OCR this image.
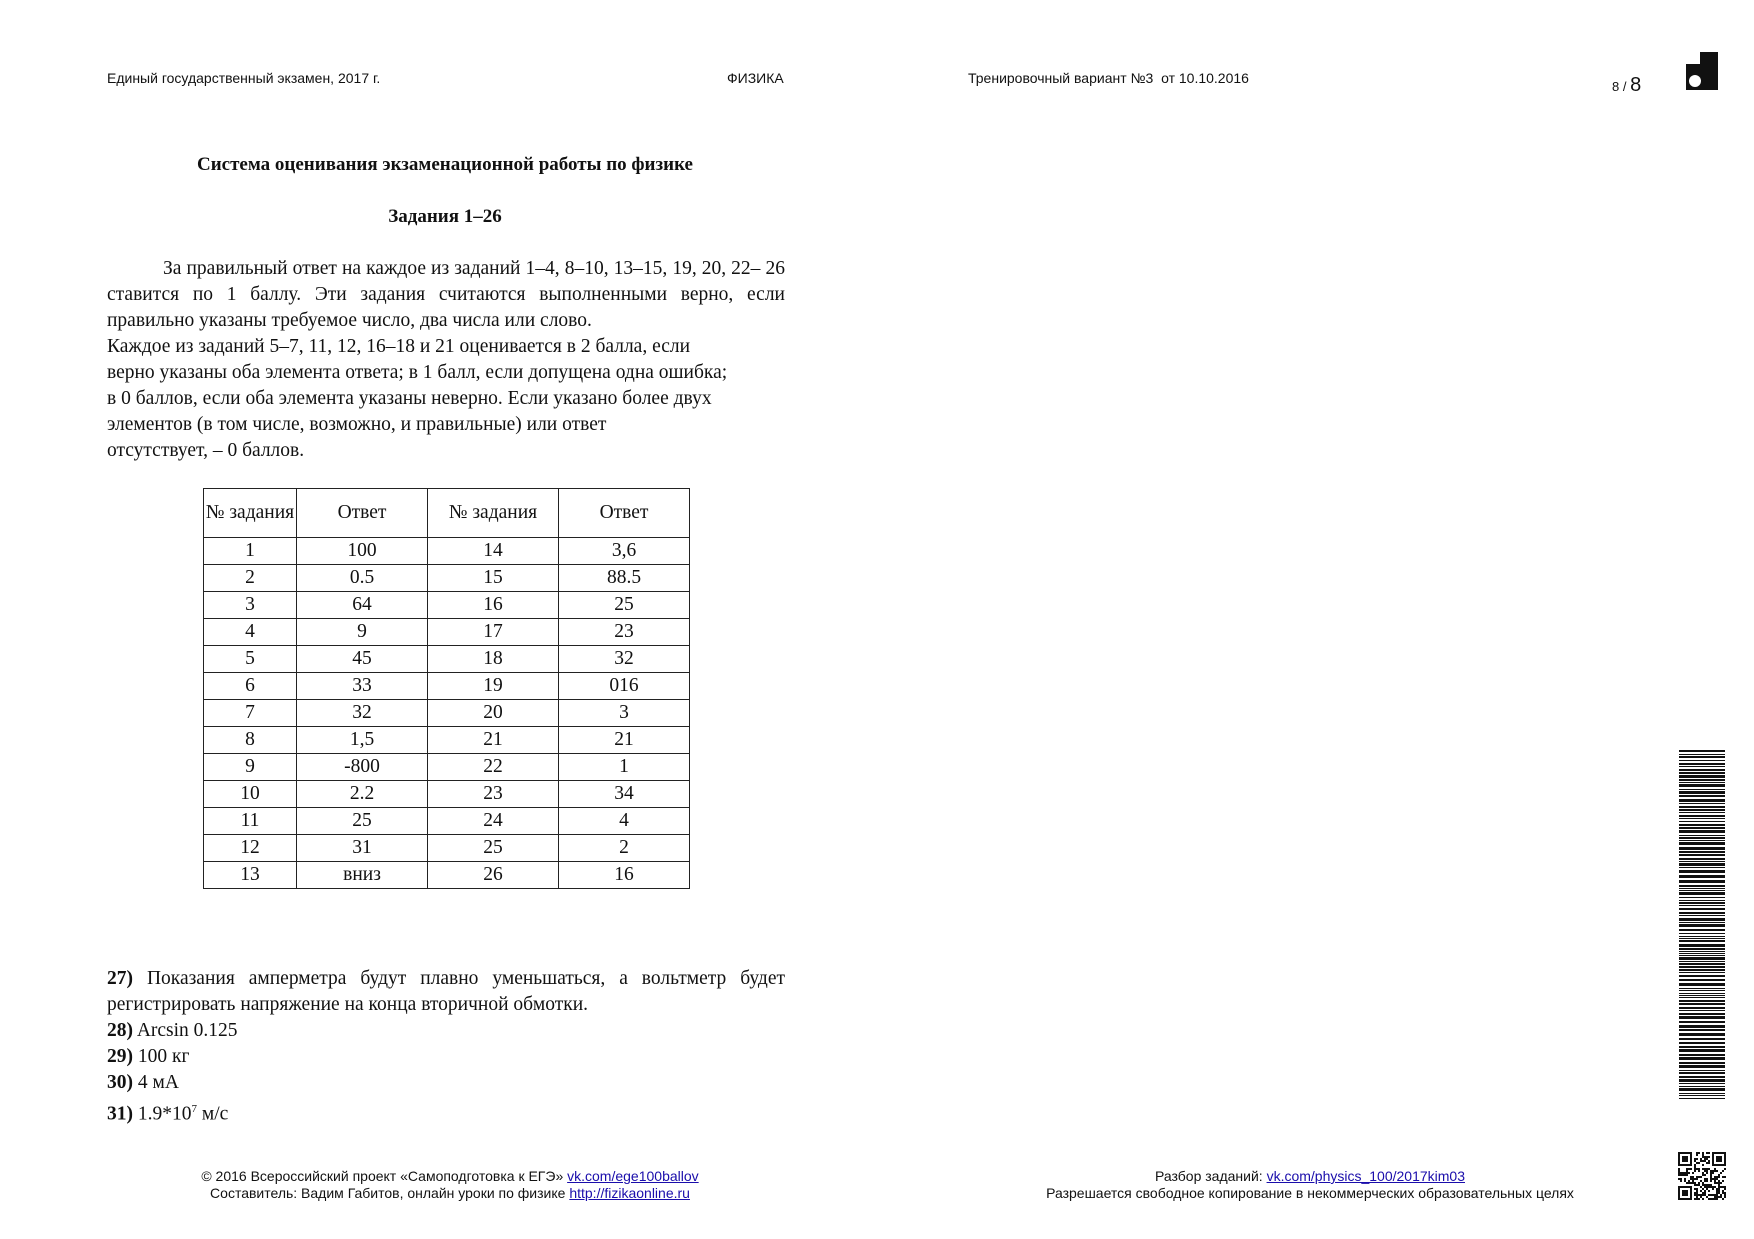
Единый государственный экзамен, 2017 г.	ФИЗИКА	Тренировочный вариант №3  от 10.10.2016
8 / 8
Система оценивания экзаменационной работы по физике
Задания 1–26

За правильный ответ на каждое из заданий 1–4, 8–10, 13–15, 19, 20, 22– 26 ставится по 1 баллу. Эти задания считаются выполненными верно, если правильно указаны требуемое число, два числа или слово.

Каждое из заданий 5–7, 11, 12, 16–18 и 21 оценивается в 2 балла, если

верно указаны оба элемента ответа; в 1 балл, если допущена одна ошибка;

в 0 баллов, если оба элемента указаны неверно. Если указано более двух

элементов (в том числе, возможно, и правильные) или ответ

отсутствует, – 0 баллов.

№ задания	Ответ	№ задания	Ответ
1	100	14	3,6
2	0.5	15	88.5
3	64	16	25
4	9	17	23
5	45	18	32
6	33	19	016
7	32	20	3
8	1,5	21	21
9	-800	22	1
10	2.2	23	34
11	25	24	4
12	31	25	2
13	вниз	26	16

27) Показания амперметра будут плавно уменьшаться, а вольтметр будет регистрировать напряжение на конца вторичной обмотки.

28) Arcsin 0.125

29) 100 кг

30) 4 мА

31) $1.9*10^7$ м/с

© 2016 Всероссийский проект «Самоподготовка к ЕГЭ» vk.com/ege100ballov
Составитель: Вадим Габитов, онлайн уроки по физике http://fizikaonline.ru
Разбор заданий: vk.com/physics_100/2017kim03
Разрешается свободное копирование в некоммерческих образовательных целях
